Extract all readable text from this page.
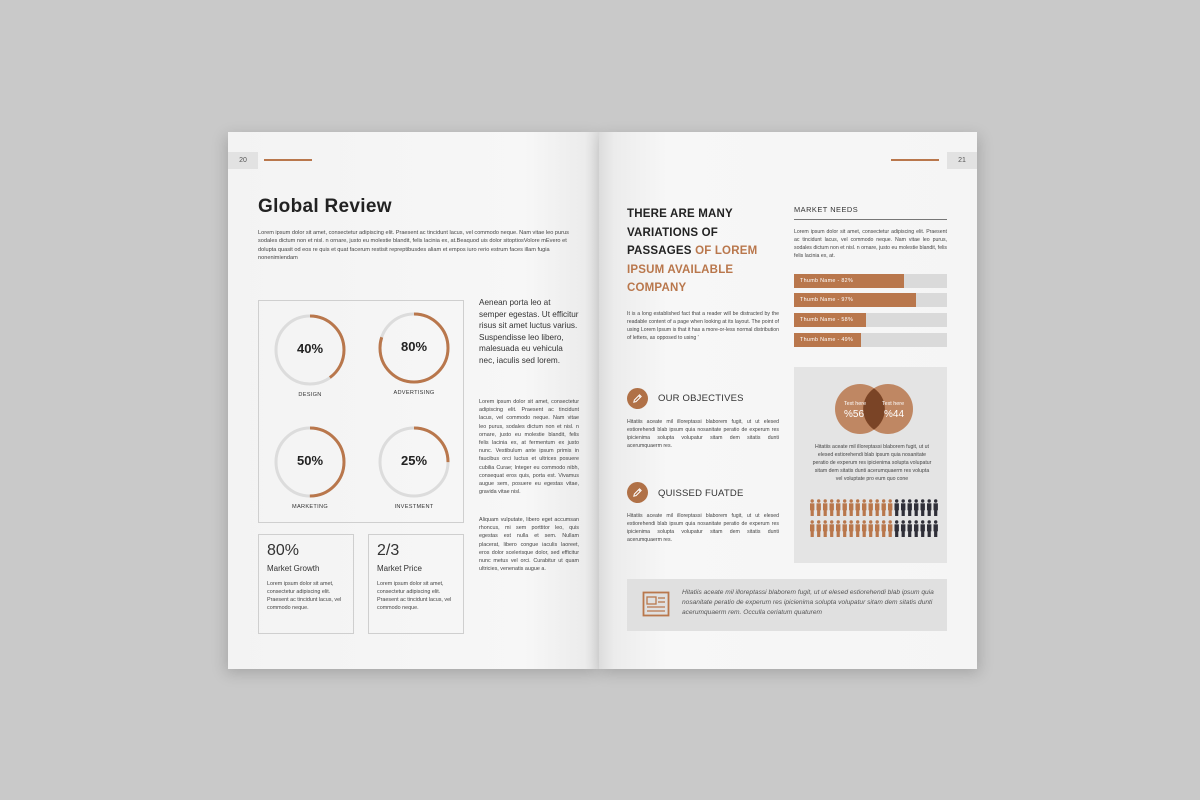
20
Global Review
Lorem ipsum dolor sit amet, consectetur adipiscing elit. Praesent ac tincidunt lacus, vel commodo neque. Nam vitae leo purus sodales dictum non et nisl. n ornare, justo eu molestie blandit, felis lacinia ex, at.Beaquod uis dolor sitoptiosVolore mEvero et dolupta quasit od eos re quis et quat facerum restisit repreptibusdes aliam et empos iuro rerio estrum faces illam fugia nonenimiendam
40%
DESIGN
80%
ADVERTISING
50%
MARKETING
25%
INVESTMENT
80%
Market Growth
Lorem ipsum dolor sit amet, consectetur adipiscing elit. Praesent ac tincidunt lacus, vel commodo neque.
2/3
Market Price
Lorem ipsum dolor sit amet, consectetur adipiscing elit. Praesent ac tincidunt lacus, vel commodo neque.
Aenean porta leo at semper egestas. Ut efficitur risus sit amet luctus varius. Suspendisse leo libero, malesuada eu vehicula nec, iaculis sed lorem.
Lorem ipsum dolor sit amet, consectetur adipiscing elit. Praesent ac tincidunt lacus, vel commodo neque. Nam vitae leo purus, sodales dictum non et nisl. n ornare, justo eu molestie blandit, felis felis lacinia ex, at fermentum ex justo nunc. Vestibulum ante ipsum primis in faucibus orci luctus et ultrices posuere cubilia Curae; Integer eu commodo nibh, consequat eros quis, porta est. Vivamus augue sem, posuere eu egestas vitae, gravida vitae nisl.
Aliquam vulputate, libero eget accumsan rhoncus, mi sem porttitor leo, quis egestas est nulla et sem. Nullam placerat, libero congue iaculis laoreet, eros dolor scelerisque dolor, sed efficitur nunc metus vel orci. Curabitur ut quam ultricies, venenatis augue a.
21
THERE ARE MANY VARIATIONS OF PASSAGES OF LOREM IPSUM AVAILABLE COMPANY
It is a long established fact that a reader will be distracted by the readable content of a page when looking at its layout. The point of using Lorem Ipsum is that it has a more-or-less normal distribution of letters, as opposed to using '
OUR OBJECTIVES
Hitatiis aceate mil illoreptassi blaborem fugit, ut ut elesed estiorehendi blab ipsum quia nosanitate peratio de experum res ipicienima solupta volupatur sitam dem sitatis dunti acerumquaerm res.
QUISSED FUATDE
Hitatiis aceate mil illoreptassi blaborem fugit, ut ut elesed estiorehendi blab ipsum quia nosanitate peratio de experum res ipicienima solupta volupatur sitam dem sitatis dunti acerumquaerm res.
MARKET NEEDS
Lorem ipsum dolor sit amet, consectetur adipiscing elit. Praesent ac tincidunt lacus, vel commodo neque. Nam vitae leo purus, sodales dictum non et nisl. n ornare, justo eu molestie blandit, felis felis lacinia ex, at.
Thumb Name - 82%
Thumb Name - 97%
Thumb Name - 58%
Thumb Name - 49%
Text here
%56
Text here
%44
Hitatiis aceate mil illoreptassi blaborem fugit, ut ut elesed estiorehendi blab ipsum quia nosanitate peratio de experum res ipicienima solupta volupatur sitam dem sitatis dunti acerumquaerm res volupta vel voluptate pro eum quo cone
Hitatiis aceate mil illoreptassi blaborem fugit, ut ut elesed estiorehendi blab ipsum quia nosanitate peratio de experum res ipicienima solupta volupatur sitam dem sitatis dunti acerumquaerm rem. Occulla ceriatum quaturem
